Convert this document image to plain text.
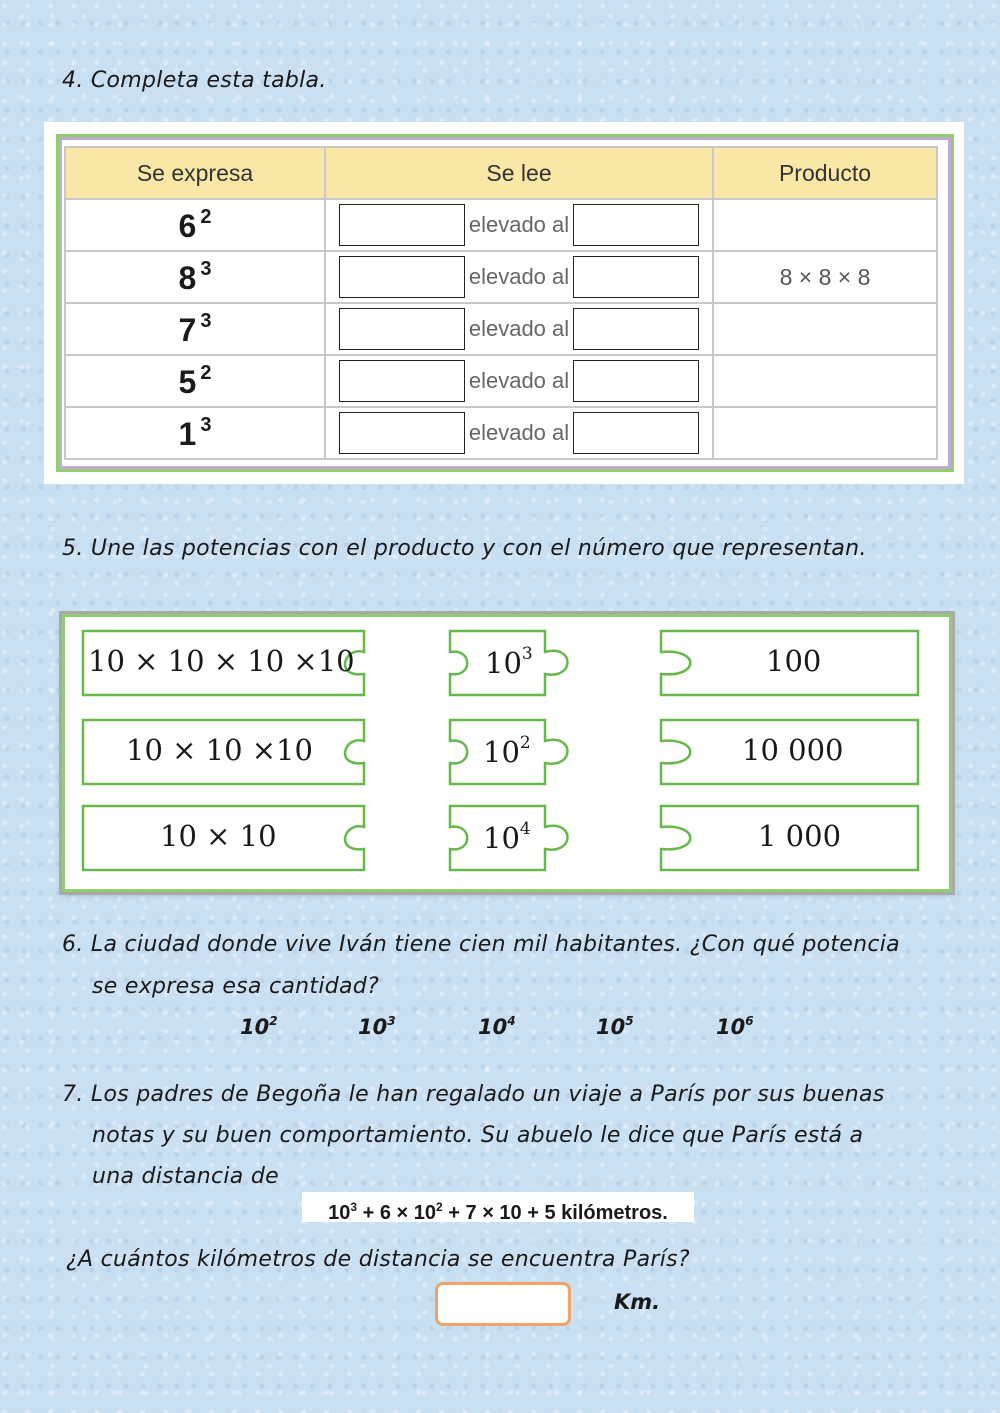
4. Completa esta tabla.
Se expresa	Se lee	Producto
6 $^2$	elevado al	
8 $^3$	elevado al	8 × 8 × 8
7 $^3$	elevado al	
5 $^2$	elevado al	
1 $^3$	elevado al	
5. Une las potencias con el producto y con el número que representan.
10 × 10 × 10 ×10
10 × 10 ×10
10 × 10
$10^3$
$10^2$
$10^4$
100
10 000
1 000
6. La ciudad donde vive Iván tiene cien mil habitantes. ¿Con qué potencia
se expresa esa cantidad?
$10^2$	$10^3$	$10^4$	$10^5$	$10^6$
7. Los padres de Begoña le han regalado un viaje a París por sus buenas
notas y su buen comportamiento. Su abuelo le dice que París está a
una distancia de
$10^3 + 6 \times 10^2 + 7 \times 10 + 5$ kilómetros.
¿A cuántos kilómetros de distancia se encuentra París?
Km.
